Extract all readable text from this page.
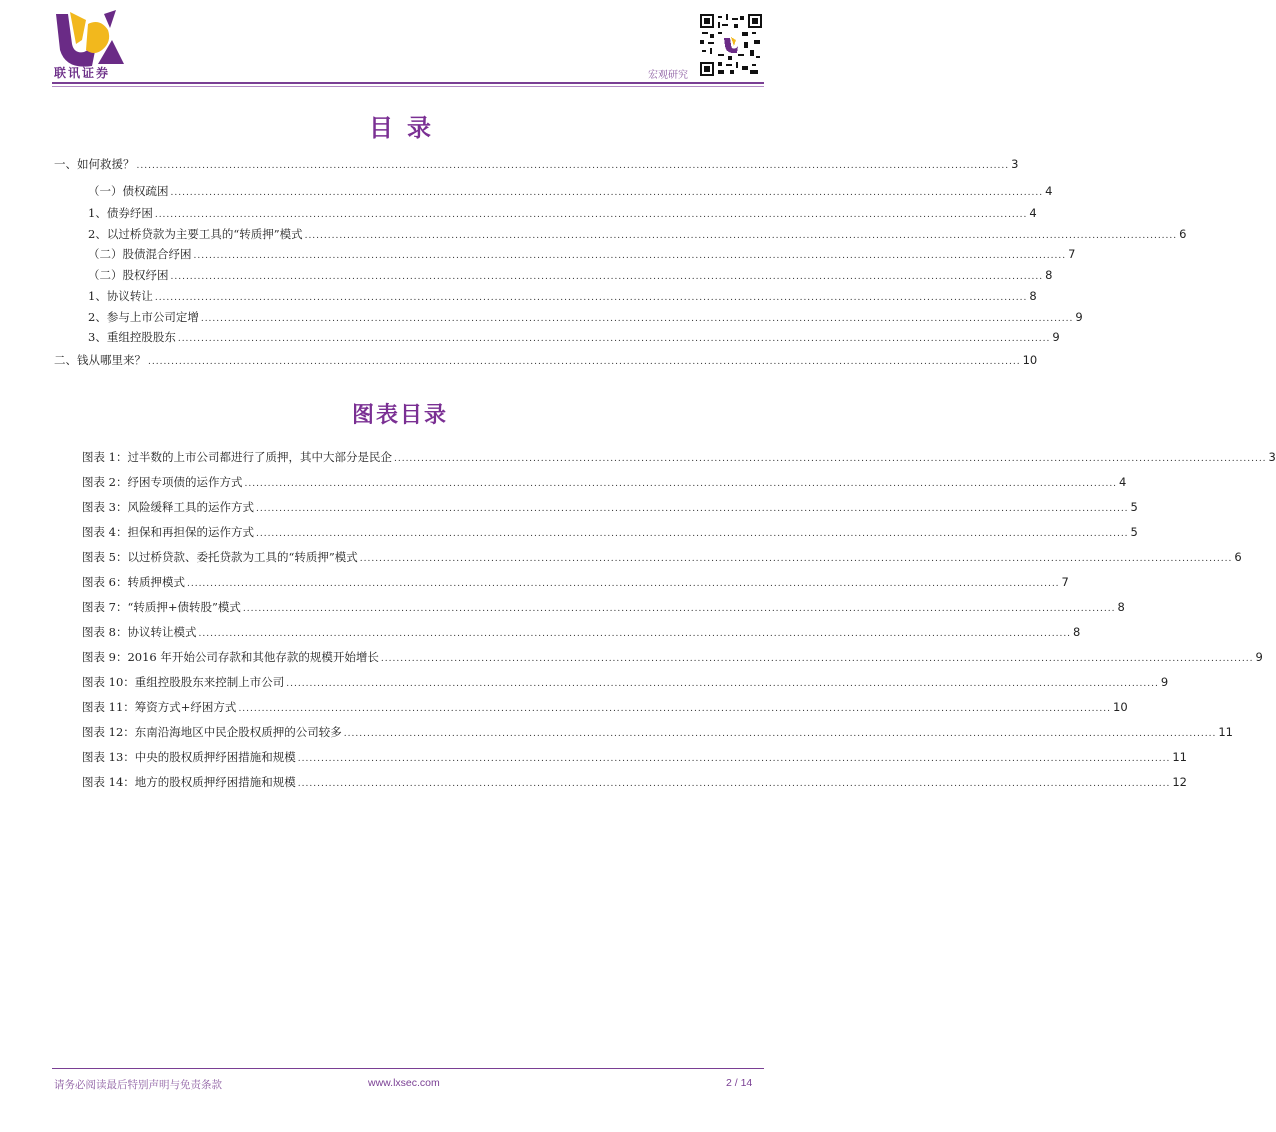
联讯证券	宏观研究
目录
一、如何救援？ .................................................................................................................................................................................................................................. 3
（一）债权疏困 .................................................................................................................................................................................................................................. 4
1、债券纾困 .................................................................................................................................................................................................................................. 4
2、以过桥贷款为主要工具的“转质押”模式 .................................................................................................................................................................................................................................. 6
（二）股债混合纾困 .................................................................................................................................................................................................................................. 7
（二）股权纾困 .................................................................................................................................................................................................................................. 8
1、协议转让 .................................................................................................................................................................................................................................. 8
2、参与上市公司定增 .................................................................................................................................................................................................................................. 9
3、重组控股股东 .................................................................................................................................................................................................................................. 9
二、钱从哪里来？ .................................................................................................................................................................................................................................. 10
图表目录
图表 1： 过半数的上市公司都进行了质押，其中大部分是民企 .................................................................................................................................................................................................................................. 3
图表 2： 纾困专项债的运作方式 .................................................................................................................................................................................................................................. 4
图表 3： 风险缓释工具的运作方式 .................................................................................................................................................................................................................................. 5
图表 4： 担保和再担保的运作方式 .................................................................................................................................................................................................................................. 5
图表 5： 以过桥贷款、委托贷款为工具的“转质押”模式 .................................................................................................................................................................................................................................. 6
图表 6： 转质押模式 .................................................................................................................................................................................................................................. 7
图表 7： “转质押+债转股”模式 .................................................................................................................................................................................................................................. 8
图表 8： 协议转让模式 .................................................................................................................................................................................................................................. 8
图表 9： 2016 年开始公司存款和其他存款的规模开始增长 .................................................................................................................................................................................................................................. 9
图表 10： 重组控股股东来控制上市公司 .................................................................................................................................................................................................................................. 9
图表 11： 筹资方式+纾困方式 .................................................................................................................................................................................................................................. 10
图表 12： 东南沿海地区中民企股权质押的公司较多 .................................................................................................................................................................................................................................. 11
图表 13： 中央的股权质押纾困措施和规模 .................................................................................................................................................................................................................................. 11
图表 14： 地方的股权质押纾困措施和规模 .................................................................................................................................................................................................................................. 12
请务必阅读最后特别声明与免责条款	www.lxsec.com	2 / 14
